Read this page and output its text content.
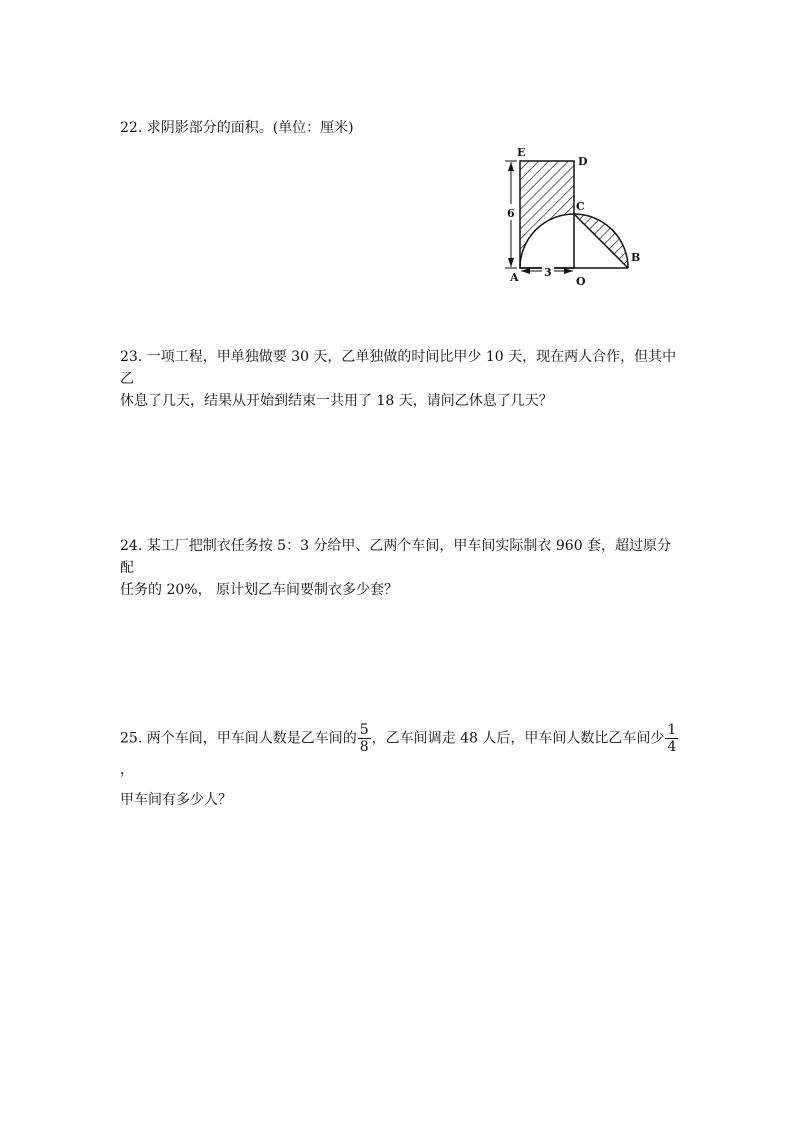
22. 求阴影部分的面积。(单位：厘米)
6
3
E
D
C
B
A	O
23. 一项工程，甲单独做要 30 天，乙单独做的时间比甲少 10 天，现在两人合作，但其中乙
休息了几天，结果从开始到结束一共用了 18 天，请问乙休息了几天？
24. 某工厂把制衣任务按 5：3 分给甲、乙两个车间，甲车间实际制衣 960 套，超过原分配
任务的 20%， 原计划乙车间要制衣多少套？
25. 两个车间，甲车间人数是乙车间的 $\frac{5}{8}$ ，乙车间调走 48 人后，甲车间人数比乙车间少 $\frac{1}{4}$
，
甲车间有多少人？
